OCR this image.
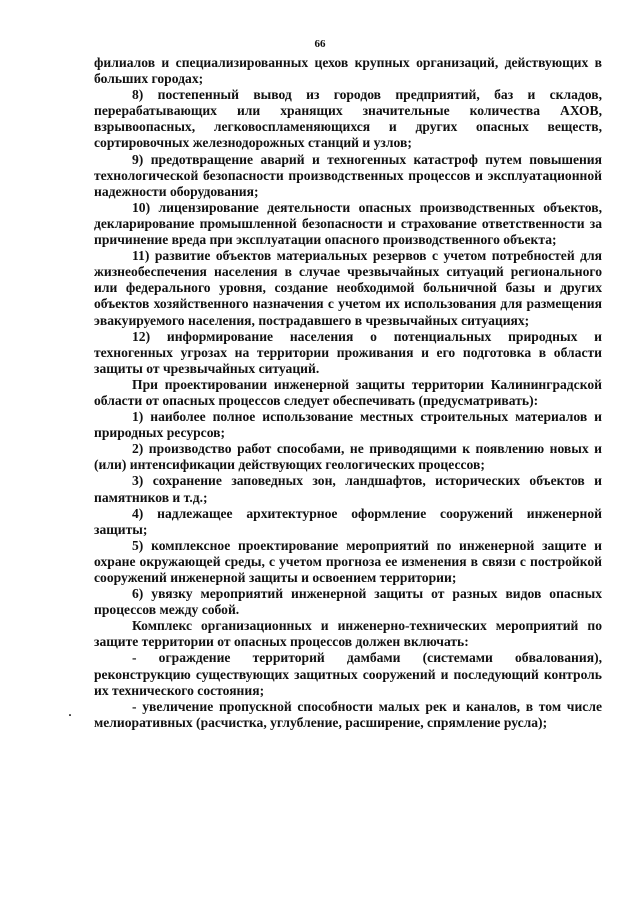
66

филиалов и специализированных цехов крупных организаций, действующих в больших городах;

8) постепенный вывод из городов предприятий, баз и складов, перерабатывающих или хранящих значительные количества АХОВ, взрывоопасных, легковоспламеняющихся и других опасных веществ, сортировочных железнодорожных станций и узлов;

9) предотвращение аварий и техногенных катастроф путем повышения технологической безопасности производственных процессов и эксплуатационной надежности оборудования;

10) лицензирование деятельности опасных производственных объектов, декларирование промышленной безопасности и страхование ответственности за причинение вреда при эксплуатации опасного производственного объекта;

11) развитие объектов материальных резервов с учетом потребностей для жизнеобеспечения населения в случае чрезвычайных ситуаций регионального или федерального уровня, создание необходимой больничной базы и других объектов хозяйственного назначения с учетом их использования для размещения эвакуируемого населения, пострадавшего в чрезвычайных ситуациях;

12) информирование населения о потенциальных природных и техногенных угрозах на территории проживания и его подготовка в области защиты от чрезвычайных ситуаций.

При проектировании инженерной защиты территории Калининградской области от опасных процессов следует обеспечивать (предусматривать):

1) наиболее полное использование местных строительных материалов и природных ресурсов;

2) производство работ способами, не приводящими к появлению новых и (или) интенсификации действующих геологических процессов;

3) сохранение заповедных зон, ландшафтов, исторических объектов и памятников и т.д.;

4) надлежащее архитектурное оформление сооружений инженерной защиты;

5) комплексное проектирование мероприятий по инженерной защите и охране окружающей среды, с учетом прогноза ее изменения в связи с постройкой сооружений инженерной защиты и освоением территории;

6) увязку мероприятий инженерной защиты от разных видов опасных процессов между собой.

Комплекс организационных и инженерно-технических мероприятий по защите территории от опасных процессов должен включать:

- ограждение территорий дамбами (системами обвалования), реконструкцию существующих защитных сооружений и последующий контроль их технического состояния;

- увеличение пропускной способности малых рек и каналов, в том числе мелиоративных (расчистка, углубление, расширение, спрямление русла);

·
